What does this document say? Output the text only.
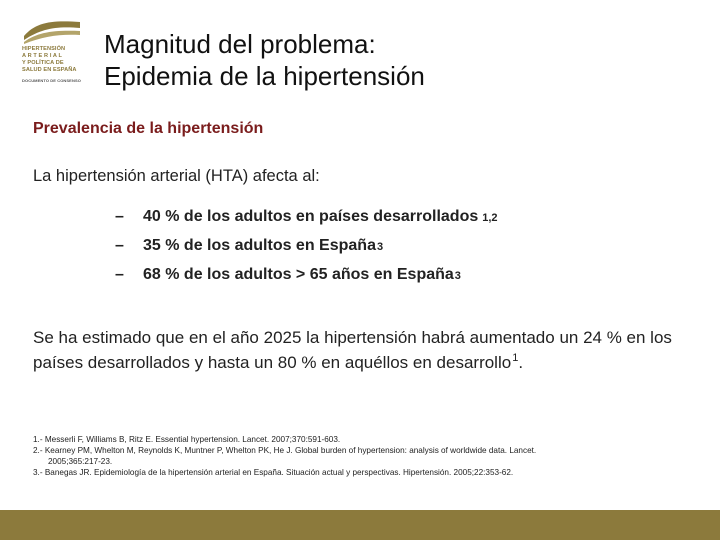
HIPERTENSIÓN
A R T E R I A L
Y POLÍTICA DE
SALUD EN ESPAÑA
DOCUMENTO DE CONSENSO
Magnitud del problema:
Epidemia de la hipertensión
Prevalencia de la hipertensión
La hipertensión arterial (HTA) afecta al:
–	40 % de los adultos en países desarrollados 1,2
–	35 % de los adultos en España 3
–	68 % de los adultos > 65 años en España 3
Se ha estimado que en el año 2025 la hipertensión habrá aumentado un 24 % en los países desarrollados y hasta un 80 % en aquéllos en desarrollo$^1$.
1.- Messerli F, Williams B, Ritz E. Essential hypertension. Lancet. 2007;370:591-603.
2.- Kearney PM, Whelton M, Reynolds K, Muntner P, Whelton PK, He J. Global burden of hypertension: analysis of worldwide data. Lancet.
2005;365:217-23.
3.- Banegas JR. Epidemiología de la hipertensión arterial en España. Situación actual y perspectivas. Hipertensión. 2005;22:353-62.
